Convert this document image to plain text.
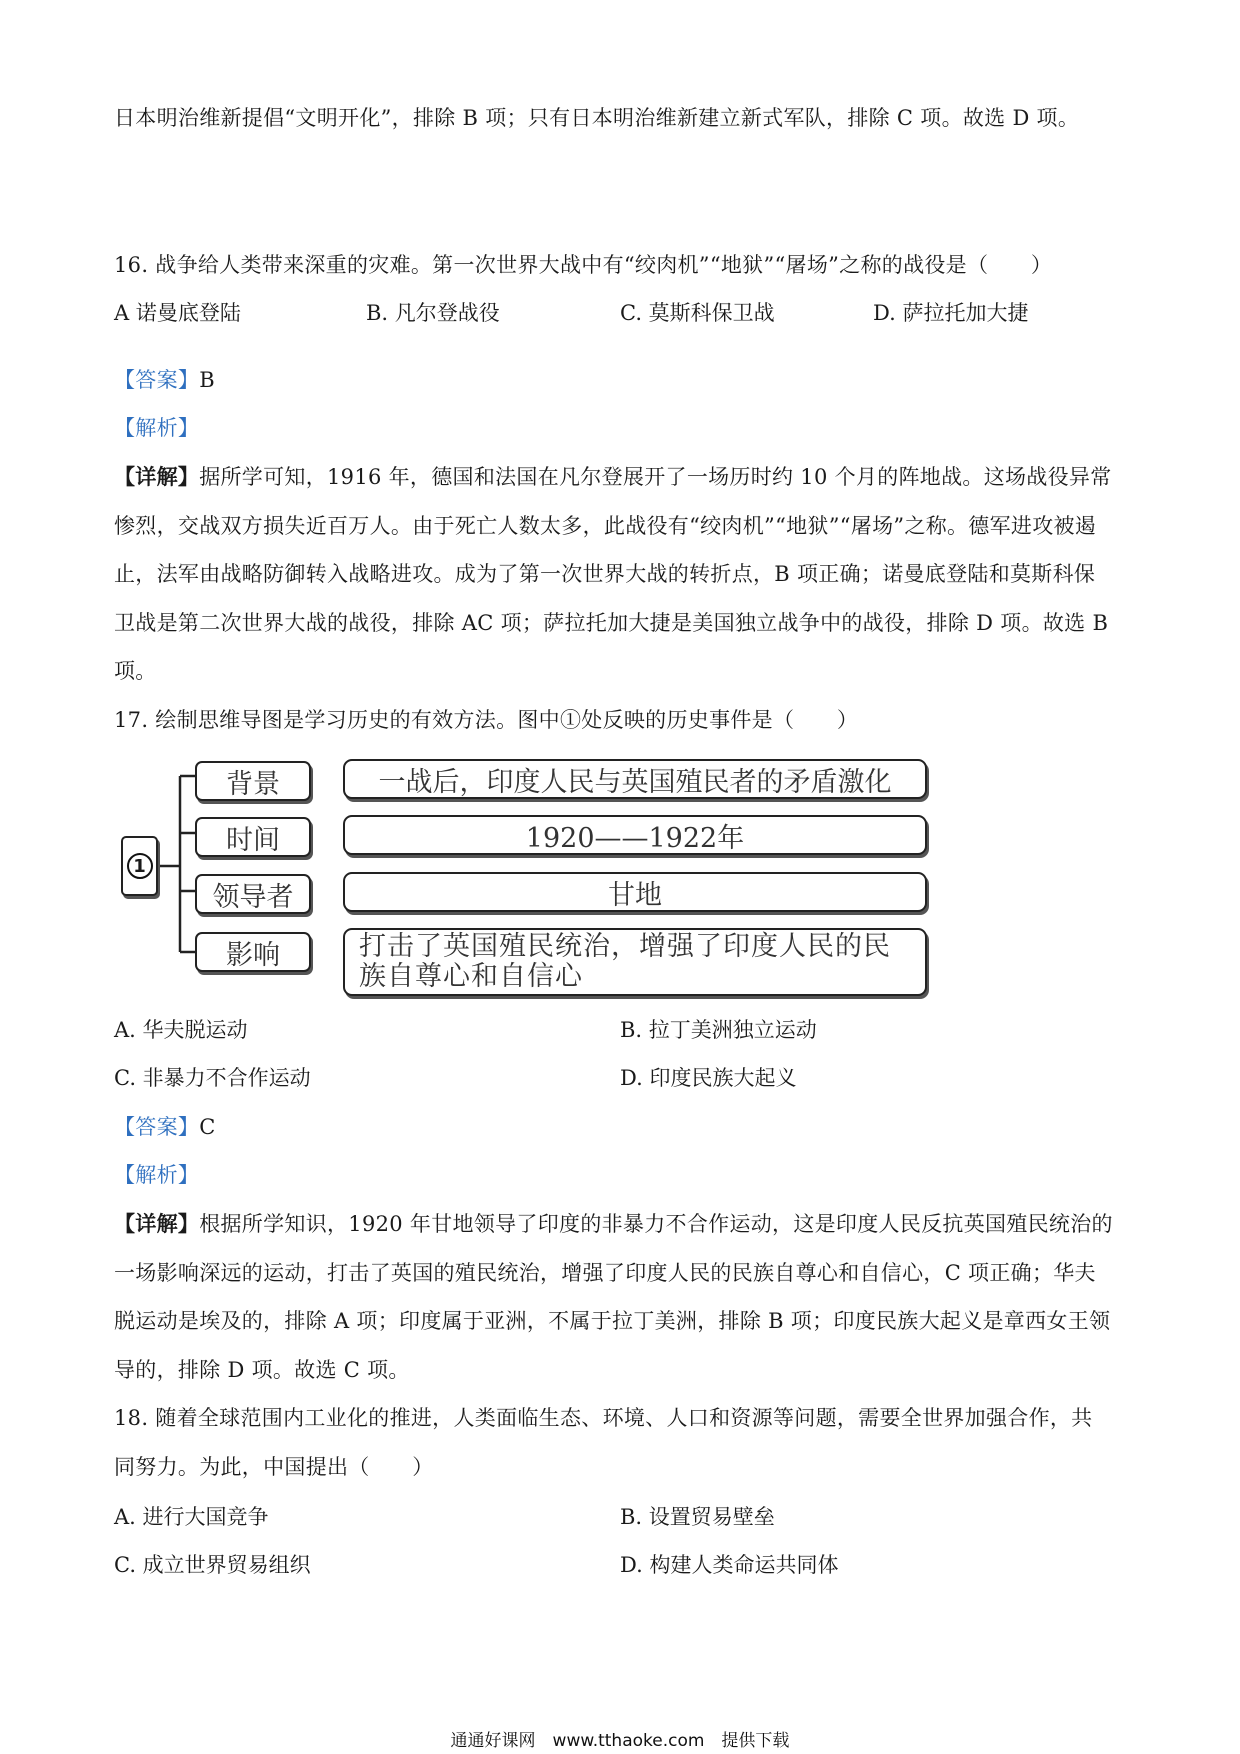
日本明治维新提倡“文明开化”，排除 B 项；只有日本明治维新建立新式军队，排除 C 项。故选 D 项。
16. 战争给人类带来深重的灾难。第一次世界大战中有“绞肉机”“地狱”“屠场”之称的战役是（　　）
A 诺曼底登陆	B. 凡尔登战役	C. 莫斯科保卫战	D. 萨拉托加大捷
【答案】B
【解析】
【详解】据所学可知，1916 年，德国和法国在凡尔登展开了一场历时约 10 个月的阵地战。这场战役异常
惨烈，交战双方损失近百万人。由于死亡人数太多，此战役有“绞肉机”“地狱”“屠场”之称。德军进攻被遏
止，法军由战略防御转入战略进攻。成为了第一次世界大战的转折点，B 项正确；诺曼底登陆和莫斯科保
卫战是第二次世界大战的战役，排除 AC 项；萨拉托加大捷是美国独立战争中的战役，排除 D 项。故选 B
项。
17. 绘制思维导图是学习历史的有效方法。图中①处反映的历史事件是（　　）
1
背景
时间
领导者
影响
一战后，印度人民与英国殖民者的矛盾激化
1920——1922年
甘地
打击了英国殖民统治，增强了印度人民的民族自尊心和自信心
A. 华夫脱运动	B. 拉丁美洲独立运动
C. 非暴力不合作运动	D. 印度民族大起义
【答案】C
【解析】
【详解】根据所学知识，1920 年甘地领导了印度的非暴力不合作运动，这是印度人民反抗英国殖民统治的
一场影响深远的运动，打击了英国的殖民统治，增强了印度人民的民族自尊心和自信心，C 项正确；华夫
脱运动是埃及的，排除 A 项；印度属于亚洲，不属于拉丁美洲，排除 B 项；印度民族大起义是章西女王领
导的，排除 D 项。故选 C 项。
18. 随着全球范围内工业化的推进，人类面临生态、环境、人口和资源等问题，需要全世界加强合作，共
同努力。为此，中国提出（　　）
A. 进行大国竞争	B. 设置贸易壁垒
C. 成立世界贸易组织	D. 构建人类命运共同体
通通好课网　www.tthaoke.com　提供下载
